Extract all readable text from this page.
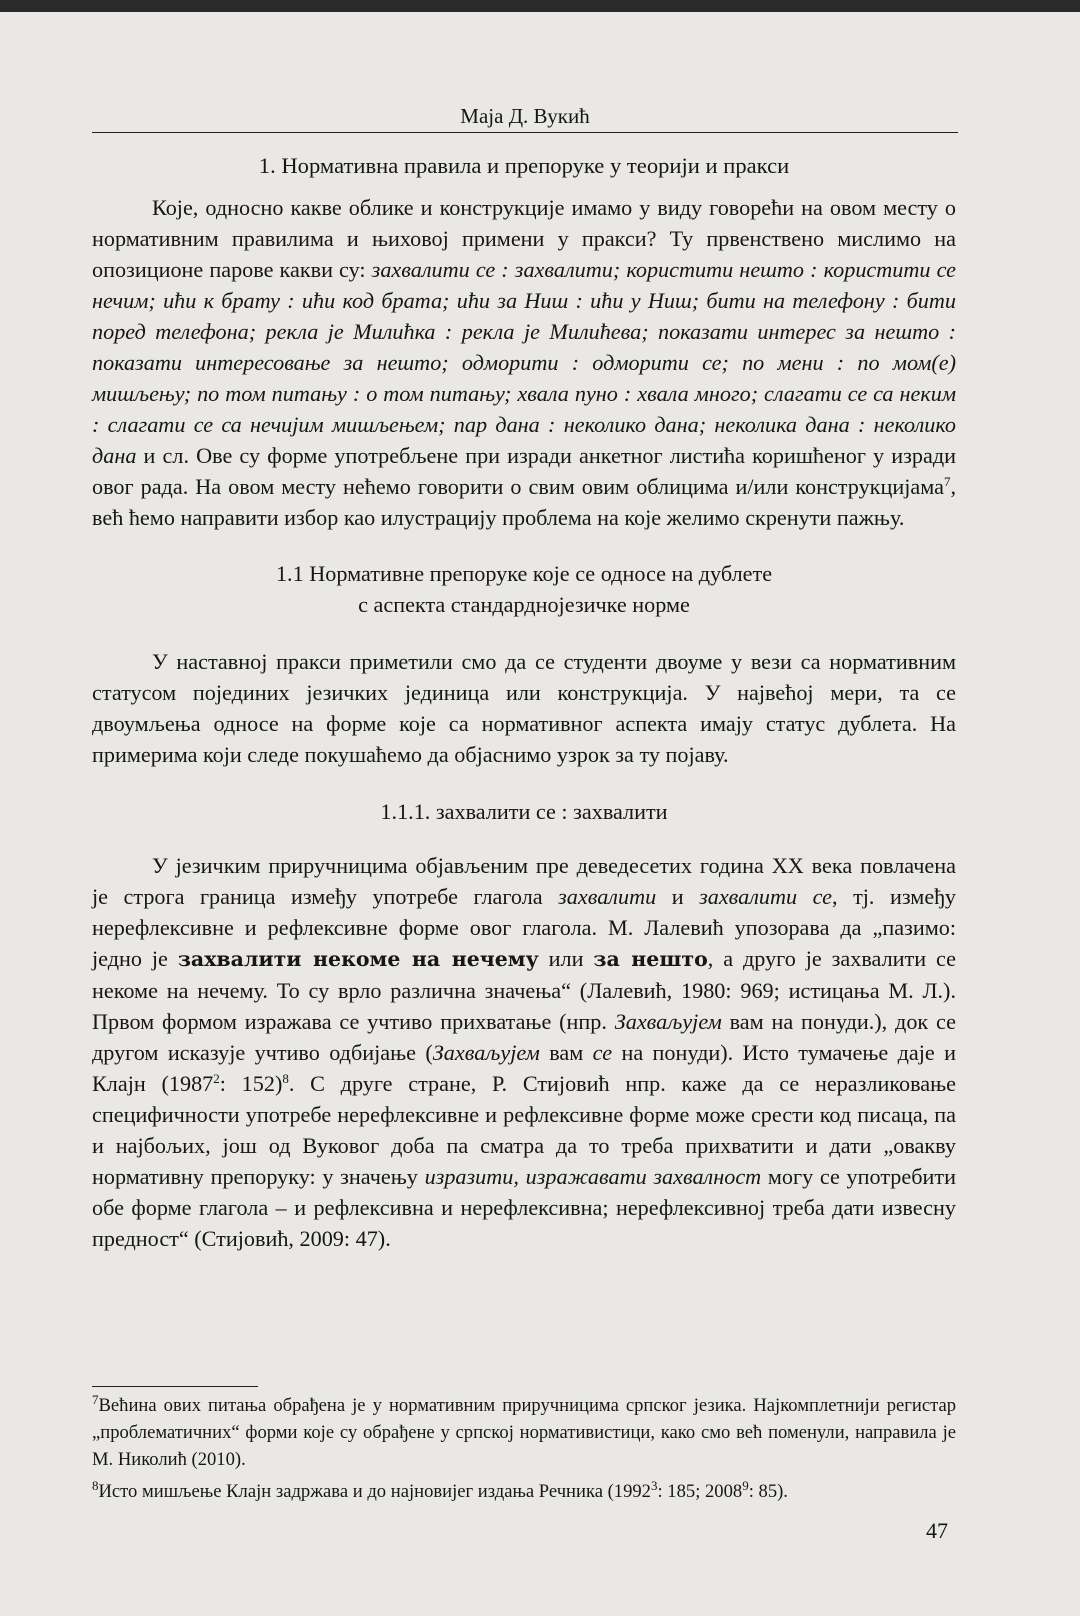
Маја Д. Вукић
1. Нормативна правила и препоруке у теорији и пракси

Које, односно какве облике и конструкције имамо у виду говорећи на овом месту о нормативним правилима и њиховој примени у пракси? Ту првенствено мислимо на опозиционе парове какви су: захвалити се : захвалити; користити нешто : користити се нечим; ићи к брату : ићи код брата; ићи за Ниш : ићи у Ниш; бити на телефону : бити поред телефона; рекла је Милићка : рекла је Милићева; показати интерес за нешто : показати интересовање за нешто; одморити : одморити се; по мени : по мом(е) мишљењу; по том питању : о том питању; хвала пуно : хвала много; слагати се са неким : слагати се са нечијим мишљењем; пар дана : неколико дана; неколика дана : неколико дана и сл. Ове су форме употребљене при изради анкетног листића коришћеног у изради овог рада. На овом месту нећемо говорити о свим овим облицима и/или конструкцијама$^7$, већ ћемо направити избор као илустрацију проблема на које желимо скренути пажњу.

1.1 Нормативне препоруке које се односе на дублете
с аспекта стандарднојезичке норме

У наставној пракси приметили смо да се студенти двоуме у вези са нормативним статусом појединих језичких јединица или конструкција. У највећој мери, та се двоумљења односе на форме које са нормативног аспекта имају статус дублета. На примерима који следе покушаћемо да објаснимо узрок за ту појаву.

1.1.1. захвалити се : захвалити

У језичким приручницима објављеним пре деведесетих година XX века повлачена је строга граница између употребе глагола захвалити и захвалити се, тј. између нерефлексивне и рефлексивне форме овог глагола. М. Лалевић упозорава да „пазимо: једно је захвалити некоме на нечему или за нешто, а друго је захвалити се некоме на нечему. То су врло различна значења“ (Лалевић, 1980: 969; истицања М. Л.). Првом формом изражава се учтиво прихватање (нпр. Захваљујем вам на понуди.), док се другом исказује учтиво одбијање (Захваљујем вам се на понуди). Исто тумачење даје и Клајн (1987$^2$: 152)$^8$. С друге стране, Р. Стијовић нпр. каже да се неразликовање специфичности употребе нерефлексивне и рефлексивне форме може срести код писаца, па и најбољих, још од Вуковог доба па сматра да то треба прихватити и дати „овакву нормативну препоруку: у значењу изразити, изражавати захвалност могу се употребити обе форме глагола – и рефлексивна и нерефлексивна; нерефлексивној треба дати извесну предност“ (Стијовић, 2009: 47).

$^7$Већина ових питања обрађена је у нормативним приручницима српског језика. Најкомплетнији регистар „проблематичних“ форми које су обрађене у српској нормативистици, како смо већ поменули, направила је М. Николић (2010).

$^8$Исто мишљење Клајн задржава и до најновијег издања Речника (1992$^3$: 185; 2008$^9$: 85).

47
